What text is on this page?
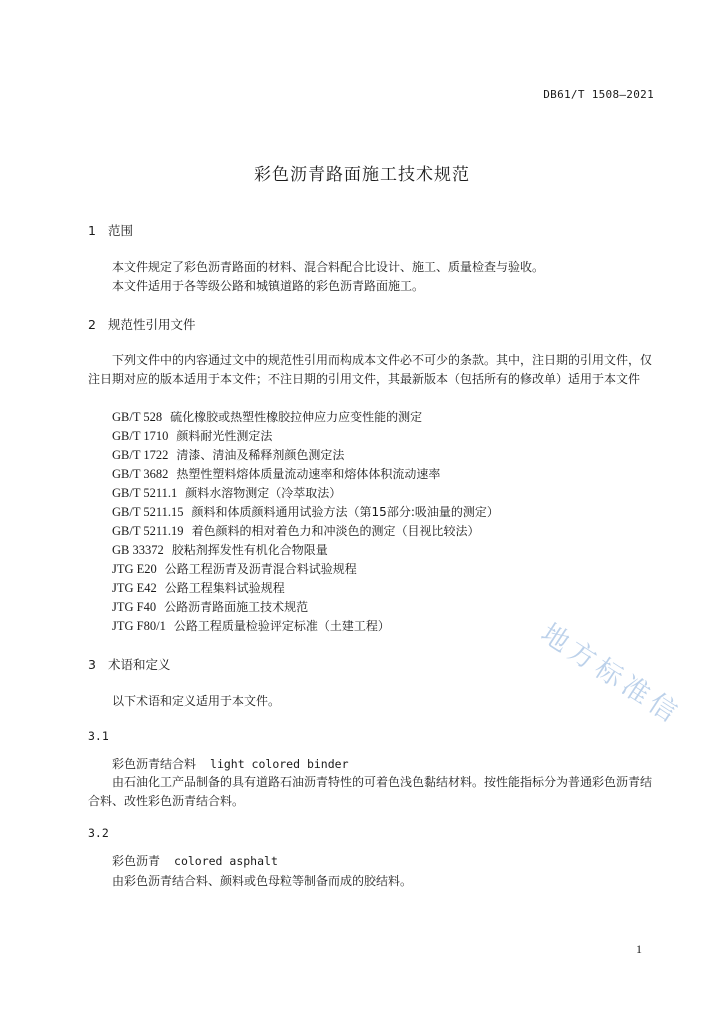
DB61/T 1508—2021
彩色沥青路面施工技术规范
1 范围
本文件规定了彩色沥青路面的材料、混合料配合比设计、施工、质量检查与验收。
本文件适用于各等级公路和城镇道路的彩色沥青路面施工。
2 规范性引用文件
下列文件中的内容通过文中的规范性引用而构成本文件必不可少的条款。其中，注日期的引用文件，仅注日期对应的版本适用于本文件；不注日期的引用文件，其最新版本（包括所有的修改单）适用于本文件
GB/T 528 硫化橡胶或热塑性橡胶拉伸应力应变性能的测定
GB/T 1710 颜料耐光性测定法
GB/T 1722 清漆、清油及稀释剂颜色测定法
GB/T 3682 热塑性塑料熔体质量流动速率和熔体体积流动速率
GB/T 5211.1 颜料水溶物测定（冷萃取法）
GB/T 5211.15 颜料和体质颜料通用试验方法（第15部分:吸油量的测定）
GB/T 5211.19 着色颜料的相对着色力和冲淡色的测定（目视比较法）
GB 33372 胶粘剂挥发性有机化合物限量
JTG E20 公路工程沥青及沥青混合料试验规程
JTG E42 公路工程集料试验规程
JTG F40 公路沥青路面施工技术规范
JTG F80/1 公路工程质量检验评定标准（土建工程）
3 术语和定义
以下术语和定义适用于本文件。
3.1
彩色沥青结合料 light colored binder
由石油化工产品制备的具有道路石油沥青特性的可着色浅色黏结材料。按性能指标分为普通彩色沥青结合料、改性彩色沥青结合料。
3.2
彩色沥青 colored asphalt
由彩色沥青结合料、颜料或色母粒等制备而成的胶结料。
1
地方标准信
